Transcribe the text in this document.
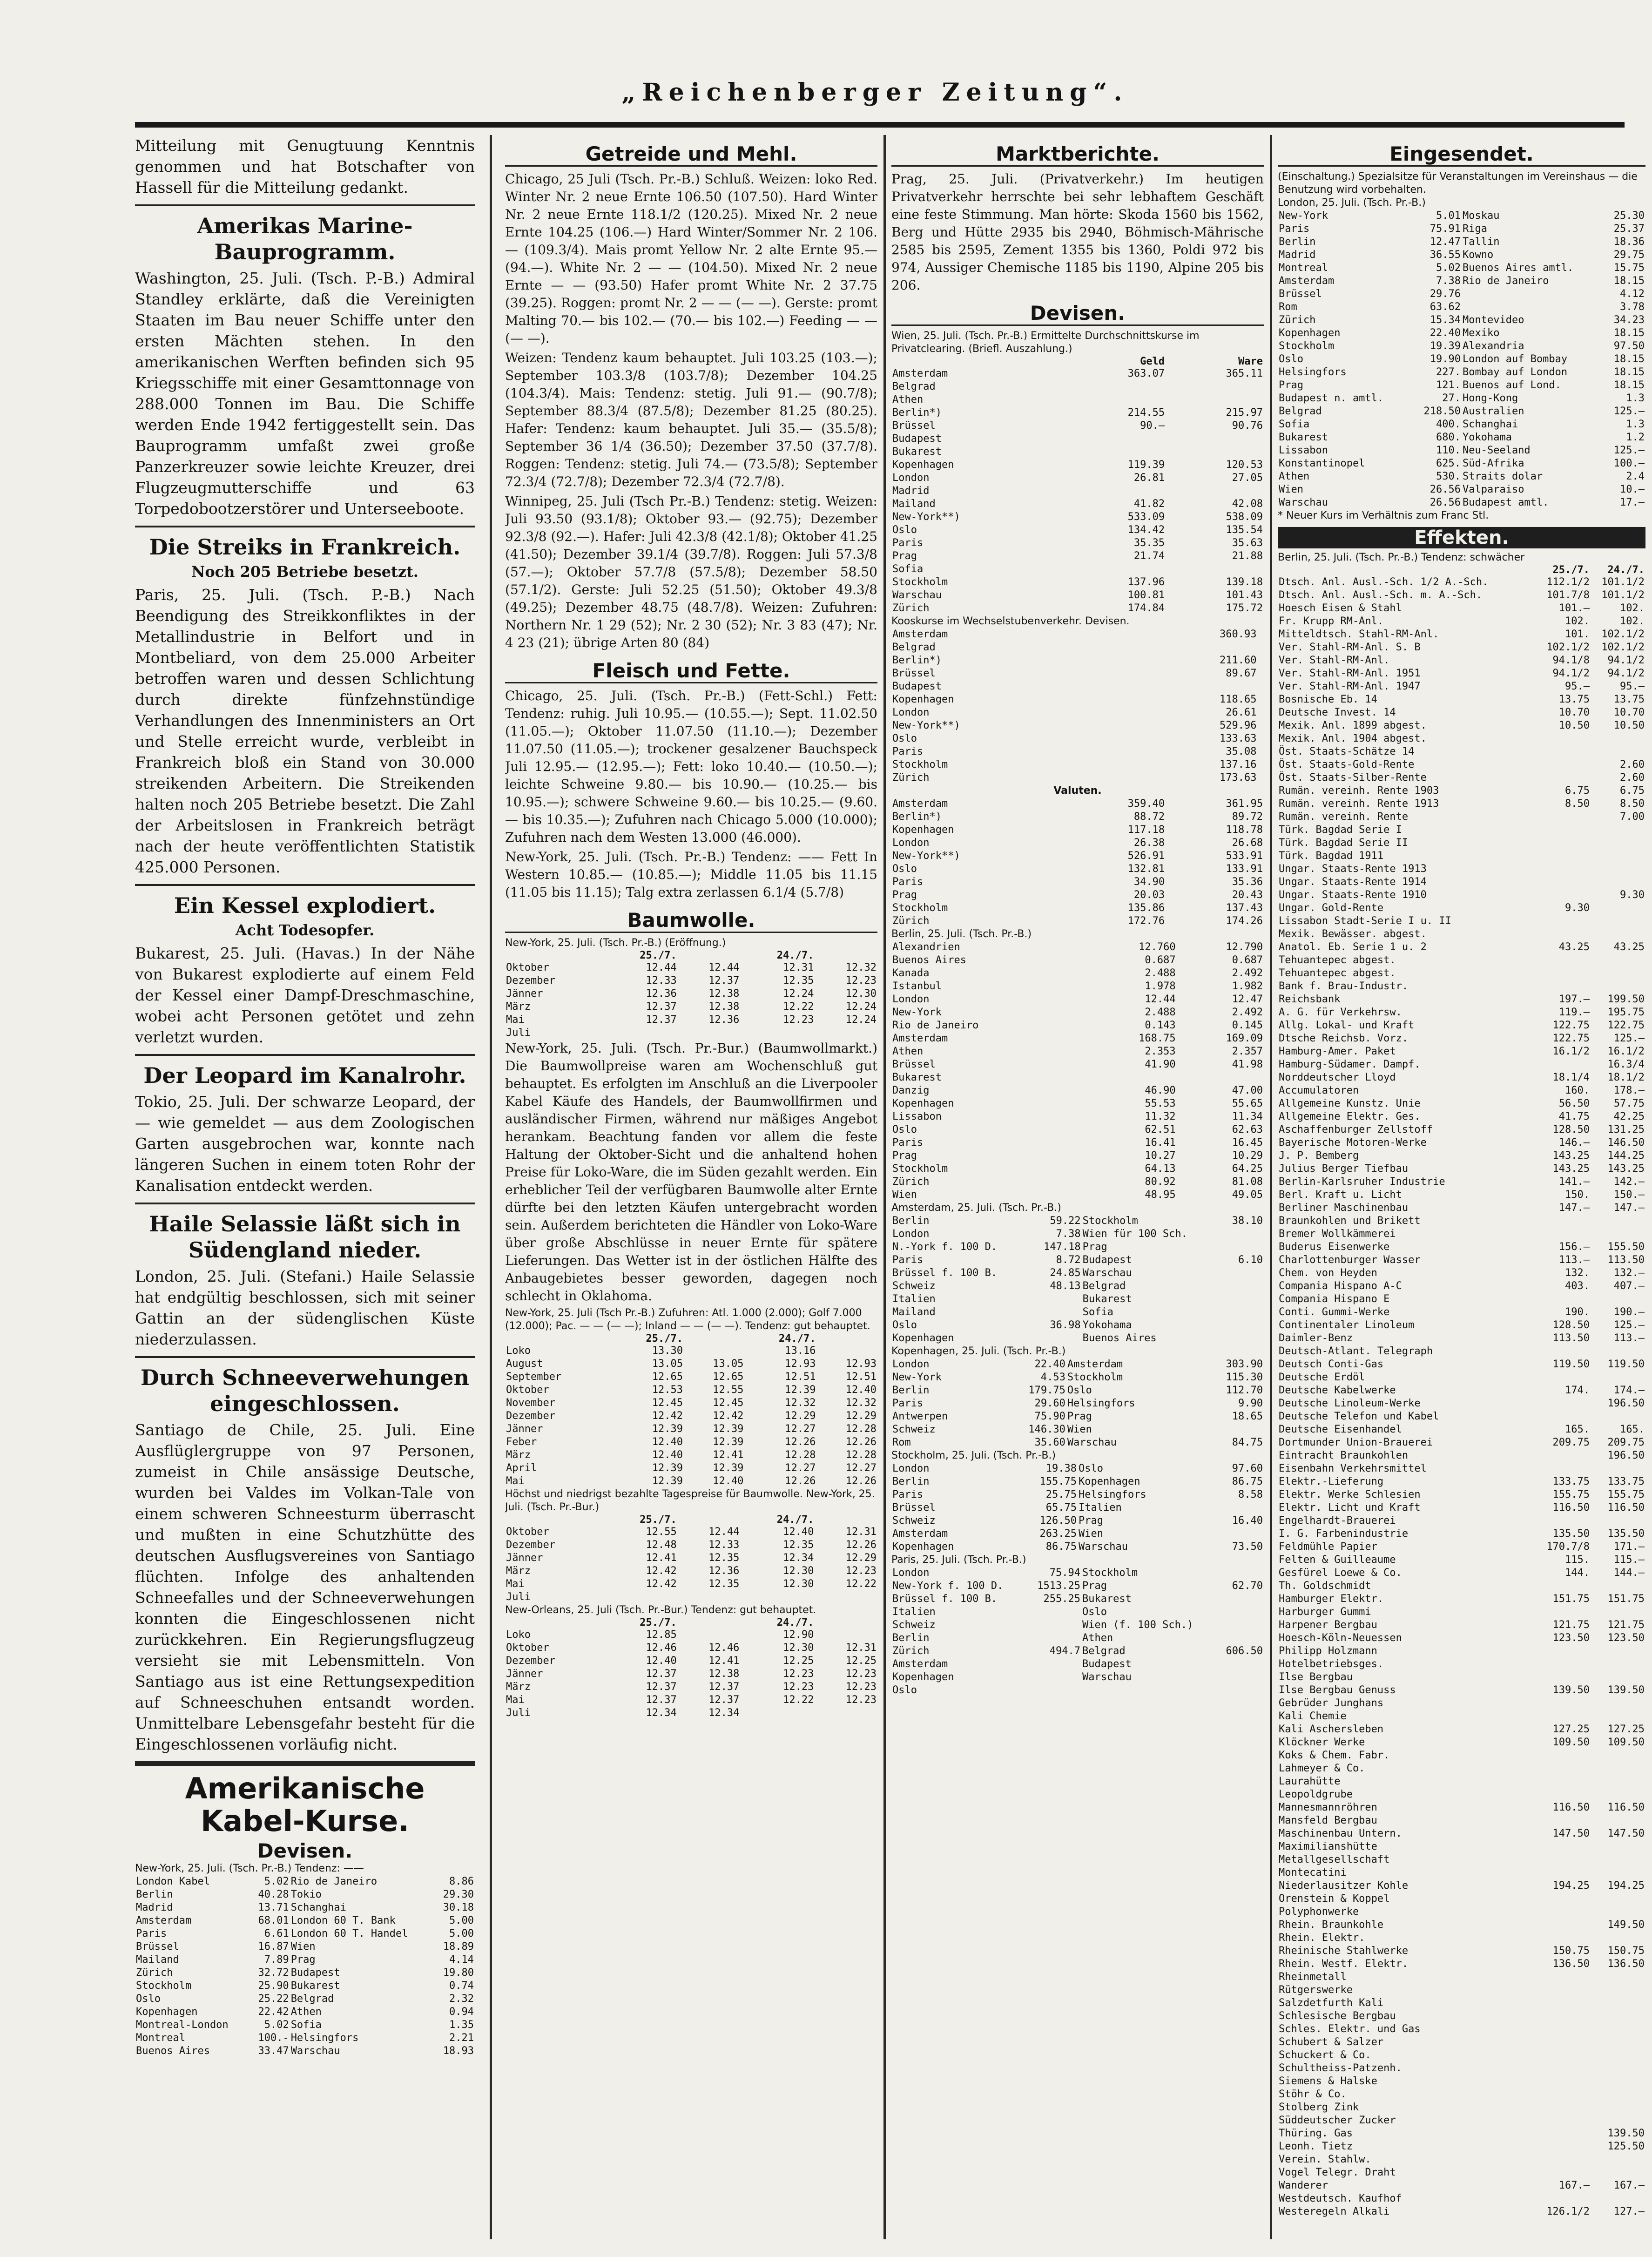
„Reichenberger Zeitung“.

Mitteilung mit Genugtuung Kenntnis genommen und hat Botschafter von Hassell für die Mitteilung gedankt.

Amerikas Marine-Bauprogramm.

Washington, 25. Juli. (Tsch. P.-B.) Admiral Standley erklärte, daß die Vereinigten Staaten im Bau neuer Schiffe unter den ersten Mächten stehen. In den amerikanischen Werften befinden sich 95 Kriegsschiffe mit einer Gesamttonnage von 288.000 Tonnen im Bau. Die Schiffe werden Ende 1942 fertiggestellt sein. Das Bauprogramm umfaßt zwei große Panzerkreuzer sowie leichte Kreuzer, drei Flugzeugmutterschiffe und 63 Torpedobootzerstörer und Unterseeboote.

Die Streiks in Frankreich.
Noch 205 Betriebe besetzt.

Paris, 25. Juli. (Tsch. P.-B.) Nach Beendigung des Streikkonfliktes in der Metallindustrie in Belfort und in Montbeliard, von dem 25.000 Arbeiter betroffen waren und dessen Schlichtung durch direkte fünfzehnstündige Verhandlungen des Innenministers an Ort und Stelle erreicht wurde, verbleibt in Frankreich bloß ein Stand von 30.000 streikenden Arbeitern. Die Streikenden halten noch 205 Betriebe besetzt. Die Zahl der Arbeitslosen in Frankreich beträgt nach der heute veröffentlichten Statistik 425.000 Personen.

Ein Kessel explodiert.
Acht Todesopfer.

Bukarest, 25. Juli. (Havas.) In der Nähe von Bukarest explodierte auf einem Feld der Kessel einer Dampf-Dreschmaschine, wobei acht Personen getötet und zehn verletzt wurden.

Der Leopard im Kanalrohr.

Tokio, 25. Juli. Der schwarze Leopard, der — wie gemeldet — aus dem Zoologischen Garten ausgebrochen war, konnte nach längeren Suchen in einem toten Rohr der Kanalisation entdeckt werden.

Haile Selassie läßt sich in Südengland nieder.

London, 25. Juli. (Stefani.) Haile Selassie hat endgültig beschlossen, sich mit seiner Gattin an der südenglischen Küste niederzulassen.

Durch Schneeverwehungen eingeschlossen.

Santiago de Chile, 25. Juli. Eine Ausflüglergruppe von 97 Personen, zumeist in Chile ansässige Deutsche, wurden bei Valdes im Volkan-Tale von einem schweren Schneesturm überrascht und mußten in eine Schutzhütte des deutschen Ausflugsvereines von Santiago flüchten. Infolge des anhaltenden Schneefalles und der Schneeverwehungen konnten die Eingeschlossenen nicht zurückkehren. Ein Regierungsflugzeug versieht sie mit Lebensmitteln. Von Santiago aus ist eine Rettungsexpedition auf Schneeschuhen entsandt worden. Unmittelbare Lebensgefahr besteht für die Eingeschlossenen vorläufig nicht.

Amerikanische Kabel-Kurse.
Devisen.
New-York, 25. Juli. (Tsch. Pr.-B.) Tendenz: ——
London Kabel	5.02	Rio de Janeiro	8.86
Berlin	40.28	Tokio	29.30
Madrid	13.71	Schanghai	30.18
Amsterdam	68.01	London 60 T. Bank	5.00
Paris	6.61	London 60 T. Handel	5.00
Brüssel	16.87	Wien	18.89
Mailand	7.89	Prag	4.14
Zürich	32.72	Budapest	19.80
Stockholm	25.90	Bukarest	0.74
Oslo	25.22	Belgrad	2.32
Kopenhagen	22.42	Athen	0.94
Montreal-London	5.02	Sofia	1.35
Montreal	100.-	Helsingfors	2.21
Buenos Aires	33.47	Warschau	18.93
Getreide und Mehl.

Chicago, 25 Juli (Tsch. Pr.-B.) Schluß. Weizen: loko Red. Winter Nr. 2 neue Ernte 106.50 (107.50). Hard Winter Nr. 2 neue Ernte 118.1/2 (120.25). Mixed Nr. 2 neue Ernte 104.25 (106.—) Hard Winter/Sommer Nr. 2 106.— (109.3/4). Mais promt Yellow Nr. 2 alte Ernte 95.— (94.—). White Nr. 2 — — (104.50). Mixed Nr. 2 neue Ernte — — (93.50) Hafer promt White Nr. 2 37.75 (39.25). Roggen: promt Nr. 2 — — (— —). Gerste: promt Malting 70.— bis 102.— (70.— bis 102.—) Feeding — — (— —).

Weizen: Tendenz kaum behauptet. Juli 103.25 (103.—); September 103.3/8 (103.7/8); Dezember 104.25 (104.3/4). Mais: Tendenz: stetig. Juli 91.— (90.7/8); September 88.3/4 (87.5/8); Dezember 81.25 (80.25). Hafer: Tendenz: kaum behauptet. Juli 35.— (35.5/8); September 36 1/4 (36.50); Dezember 37.50 (37.7/8). Roggen: Tendenz: stetig. Juli 74.— (73.5/8); September 72.3/4 (72.7/8); Dezember 72.3/4 (72.7/8).

Winnipeg, 25. Juli (Tsch Pr.-B.) Tendenz: stetig. Weizen: Juli 93.50 (93.1/8); Oktober 93.— (92.75); Dezember 92.3/8 (92.—). Hafer: Juli 42.3/8 (42.1/8); Oktober 41.25 (41.50); Dezember 39.1/4 (39.7/8). Roggen: Juli 57.3/8 (57.—); Oktober 57.7/8 (57.5/8); Dezember 58.50 (57.1/2). Gerste: Juli 52.25 (51.50); Oktober 49.3/8 (49.25); Dezember 48.75 (48.7/8). Weizen: Zufuhren: Northern Nr. 1 29 (52); Nr. 2 30 (52); Nr. 3 83 (47); Nr. 4 23 (21); übrige Arten 80 (84)

Fleisch und Fette.

Chicago, 25. Juli. (Tsch. Pr.-B.) (Fett-Schl.) Fett: Tendenz: ruhig. Juli 10.95.— (10.55.—); Sept. 11.02.50 (11.05.—); Oktober 11.07.50 (11.10.—); Dezember 11.07.50 (11.05.—); trockener gesalzener Bauchspeck Juli 12.95.— (12.95.—); Fett: loko 10.40.— (10.50.—); leichte Schweine 9.80.— bis 10.90.— (10.25.— bis 10.95.—); schwere Schweine 9.60.— bis 10.25.— (9.60.— bis 10.35.—); Zufuhren nach Chicago 5.000 (10.000); Zufuhren nach dem Westen 13.000 (46.000).

New-York, 25. Juli. (Tsch. Pr.-B.) Tendenz: —— Fett In Western 10.85.— (10.85.—); Middle 11.05 bis 11.15 (11.05 bis 11.15); Talg extra zerlassen 6.1/4 (5.7/8)

Baumwolle.
New-York, 25. Juli. (Tsch. Pr.-B.) (Eröffnung.)
	25./7.		24./7.	
Oktober	12.44	12.44	12.31	12.32
Dezember	12.33	12.37	12.35	12.23
Jänner	12.36	12.38	12.24	12.30
März	12.37	12.38	12.22	12.24
Mai	12.37	12.36	12.23	12.24
Juli				

New-York, 25. Juli. (Tsch. Pr.-Bur.) (Baumwollmarkt.) Die Baumwollpreise waren am Wochenschluß gut behauptet. Es erfolgten im Anschluß an die Liverpooler Kabel Käufe des Handels, der Baumwollfirmen und ausländischer Firmen, während nur mäßiges Angebot herankam. Beachtung fanden vor allem die feste Haltung der Oktober-Sicht und die anhaltend hohen Preise für Loko-Ware, die im Süden gezahlt werden. Ein erheblicher Teil der verfügbaren Baumwolle alter Ernte dürfte bei den letzten Käufen untergebracht worden sein. Außerdem berichteten die Händler von Loko-Ware über große Abschlüsse in neuer Ernte für spätere Lieferungen. Das Wetter ist in der östlichen Hälfte des Anbaugebietes besser geworden, dagegen noch schlecht in Oklahoma.

New-York, 25. Juli (Tsch Pr.-B.) Zufuhren: Atl. 1.000 (2.000); Golf 7.000 (12.000); Pac. — — (— —); Inland — — (— —). Tendenz: gut behauptet.
	25./7.		24./7.	
Loko	13.30		13.16	
August	13.05	13.05	12.93	12.93
September	12.65	12.65	12.51	12.51
Oktober	12.53	12.55	12.39	12.40
November	12.45	12.45	12.32	12.32
Dezember	12.42	12.42	12.29	12.29
Jänner	12.39	12.39	12.27	12.28
Feber	12.40	12.39	12.26	12.26
März	12.40	12.41	12.28	12.28
April	12.39	12.39	12.27	12.27
Mai	12.39	12.40	12.26	12.26
Höchst und niedrigst bezahlte Tagespreise für Baumwolle. New-York, 25. Juli. (Tsch. Pr.-Bur.)
	25./7.		24./7.	
Oktober	12.55	12.44	12.40	12.31
Dezember	12.48	12.33	12.35	12.26
Jänner	12.41	12.35	12.34	12.29
März	12.42	12.36	12.30	12.23
Mai	12.42	12.35	12.30	12.22
Juli				
New-Orleans, 25. Juli (Tsch. Pr.-Bur.) Tendenz: gut behauptet.
	25./7.		24./7.	
Loko	12.85		12.90	
Oktober	12.46	12.46	12.30	12.31
Dezember	12.40	12.41	12.25	12.25
Jänner	12.37	12.38	12.23	12.23
März	12.37	12.37	12.23	12.23
Mai	12.37	12.37	12.22	12.23
Juli	12.34	12.34		
Marktberichte.

Prag, 25. Juli. (Privatverkehr.) Im heutigen Privatverkehr herrschte bei sehr lebhaftem Geschäft eine feste Stimmung. Man hörte: Skoda 1560 bis 1562, Berg und Hütte 2935 bis 2940, Böhmisch-Mährische 2585 bis 2595, Zement 1355 bis 1360, Poldi 972 bis 974, Aussiger Chemische 1185 bis 1190, Alpine 205 bis 206.

Devisen.
Wien, 25. Juli. (Tsch. Pr.-B.) Ermittelte Durchschnittskurse im Privatclearing. (Briefl. Auszahlung.)
	Geld	Ware
Amsterdam	363.07	365.11
Belgrad		
Athen		
Berlin*)	214.55	215.97
Brüssel	90.—	90.76
Budapest		
Bukarest		
Kopenhagen	119.39	120.53
London	26.81	27.05
Madrid		
Mailand	41.82	42.08
New-York**)	533.09	538.09
Oslo	134.42	135.54
Paris	35.35	35.63
Prag	21.74	21.88
Sofia		
Stockholm	137.96	139.18
Warschau	100.81	101.43
Zürich	174.84	175.72
Kooskurse im Wechselstubenverkehr. Devisen.
Amsterdam	360.93	
Belgrad		
Berlin*)	211.60	
Brüssel	89.67	
Budapest		
Kopenhagen	118.65	
London	26.61	
New-York**)	529.96	
Oslo	133.63	
Paris	35.08	
Stockholm	137.16	
Zürich	173.63	
Valuten.
Amsterdam	359.40	361.95
Berlin*)	88.72	89.72
Kopenhagen	117.18	118.78
London	26.38	26.68
New-York**)	526.91	533.91
Oslo	132.81	133.91
Paris	34.90	35.36
Prag	20.03	20.43
Stockholm	135.86	137.43
Zürich	172.76	174.26
Berlin, 25. Juli. (Tsch. Pr.-B.)
Alexandrien	12.760	12.790
Buenos Aires	0.687	0.687
Kanada	2.488	2.492
Istanbul	1.978	1.982
London	12.44	12.47
New-York	2.488	2.492
Rio de Janeiro	0.143	0.145
Amsterdam	168.75	169.09
Athen	2.353	2.357
Brüssel	41.90	41.98
Bukarest		
Danzig	46.90	47.00
Kopenhagen	55.53	55.65
Lissabon	11.32	11.34
Oslo	62.51	62.63
Paris	16.41	16.45
Prag	10.27	10.29
Stockholm	64.13	64.25
Zürich	80.92	81.08
Wien	48.95	49.05
Amsterdam, 25. Juli. (Tsch. Pr.-B.)
Berlin	59.22	Stockholm	38.10
London	7.38	Wien für 100 Sch.	
N.-York f. 100 D.	147.18	Prag	
Paris	8.72	Budapest	6.10
Brüssel f. 100 B.	24.85	Warschau	
Schweiz	48.13	Belgrad	
Italien		Bukarest	
Mailand		Sofia	
Oslo	36.98	Yokohama	
Kopenhagen		Buenos Aires	
Kopenhagen, 25. Juli. (Tsch. Pr.-B.)
London	22.40	Amsterdam	303.90
New-York	4.53	Stockholm	115.30
Berlin	179.75	Oslo	112.70
Paris	29.60	Helsingfors	9.90
Antwerpen	75.90	Prag	18.65
Schweiz	146.30	Wien	
Rom	35.60	Warschau	84.75
Stockholm, 25. Juli. (Tsch. Pr.-B.)
London	19.38	Oslo	97.60
Berlin	155.75	Kopenhagen	86.75
Paris	25.75	Helsingfors	8.58
Brüssel	65.75	Italien	
Schweiz	126.50	Prag	16.40
Amsterdam	263.25	Wien	
Kopenhagen	86.75	Warschau	73.50
Paris, 25. Juli. (Tsch. Pr.-B.)
London	75.94	Stockholm	
New-York f. 100 D.	1513.25	Prag	62.70
Brüssel f. 100 B.	255.25	Bukarest	
Italien		Oslo	
Schweiz		Wien (f. 100 Sch.)	
Berlin		Athen	
Zürich	494.7	Belgrad	606.50
Amsterdam		Budapest	
Kopenhagen		Warschau	
Oslo			
Eingesendet.
(Einschaltung.) Spezialsitze für Veranstaltungen im Vereinshaus — die Benutzung wird vorbehalten.
London, 25. Juli. (Tsch. Pr.-B.)
New-York	5.01	Moskau	25.30
Paris	75.91	Riga	25.37
Berlin	12.47	Tallin	18.36
Madrid	36.55	Kowno	29.75
Montreal	5.02	Buenos Aires amtl.	15.75
Amsterdam	7.38	Rio de Janeiro	18.15
Brüssel	29.76		4.12
Rom	63.62		3.78
Zürich	15.34	Montevideo	34.23
Kopenhagen	22.40	Mexiko	18.15
Stockholm	19.39	Alexandria	97.50
Oslo	19.90	London auf Bombay	18.15
Helsingfors	227.	Bombay auf London	18.15
Prag	121.	Buenos auf Lond.	18.15
Budapest n. amtl.	27.	Hong-Kong	1.3
Belgrad	218.50	Australien	125.—
Sofia	400.	Schanghai	1.3
Bukarest	680.	Yokohama	1.2
Lissabon	110.	Neu-Seeland	125.—
Konstantinopel	625.	Süd-Afrika	100.—
Athen	530.	Straits dolar	2.4
Wien	26.56	Valparaiso	10.—
Warschau	26.56	Budapest amtl.	17.—
* Neuer Kurs im Verhältnis zum Franc Stl.
Effekten.
Berlin, 25. Juli. (Tsch. Pr.-B.) Tendenz: schwächer
	25./7.	24./7.
Dtsch. Anl. Ausl.-Sch. 1/2 A.-Sch.	112.1/2	101.1/2
Dtsch. Anl. Ausl.-Sch. m. A.-Sch.	101.7/8	101.1/2
Hoesch Eisen & Stahl	101.—	102.
Fr. Krupp RM-Anl.	102.	102.
Mitteldtsch. Stahl-RM-Anl.	101.	102.1/2
Ver. Stahl-RM-Anl. S. B	102.1/2	102.1/2
Ver. Stahl-RM-Anl.	94.1/8	94.1/2
Ver. Stahl-RM-Anl. 1951	94.1/2	94.1/2
Ver. Stahl-RM-Anl. 1947	95.—	95.—
Bosnische Eb. 14	13.75	13.75
Deutsche Invest. 14	10.70	10.70
Mexik. Anl. 1899 abgest.	10.50	10.50
Mexik. Anl. 1904 abgest.		
Öst. Staats-Schätze 14		
Öst. Staats-Gold-Rente		2.60
Öst. Staats-Silber-Rente		2.60
Rumän. vereinh. Rente 1903	6.75	6.75
Rumän. vereinh. Rente 1913	8.50	8.50
Rumän. vereinh. Rente		7.00
Türk. Bagdad Serie I		
Türk. Bagdad Serie II		
Türk. Bagdad 1911		
Ungar. Staats-Rente 1913		
Ungar. Staats-Rente 1914		
Ungar. Staats-Rente 1910		9.30
Ungar. Gold-Rente	9.30	
Lissabon Stadt-Serie I u. II		
Mexik. Bewässer. abgest.		
Anatol. Eb. Serie 1 u. 2	43.25	43.25
Tehuantepec abgest.		
Tehuantepec abgest.		
Bank f. Brau-Industr.		
Reichsbank	197.—	199.50
A. G. für Verkehrsw.	119.—	195.75
Allg. Lokal- und Kraft	122.75	122.75
Dtsche Reichsb. Vorz.	122.75	125.—
Hamburg-Amer. Paket	16.1/2	16.1/2
Hamburg-Südamer. Dampf.		16.3/4
Norddeutscher Lloyd	18.1/4	18.1/2
Accumulatoren	160.	178.—
Allgemeine Kunstz. Unie	56.50	57.75
Allgemeine Elektr. Ges.	41.75	42.25
Aschaffenburger Zellstoff	128.50	131.25
Bayerische Motoren-Werke	146.—	146.50
J. P. Bemberg	143.25	144.25
Julius Berger Tiefbau	143.25	143.25
Berlin-Karlsruher Industrie	141.—	142.—
Berl. Kraft u. Licht	150.	150.—
Berliner Maschinenbau	147.—	147.—
Braunkohlen und Brikett		
Bremer Wollkämmerei		
Buderus Eisenwerke	156.—	155.50
Charlottenburger Wasser	113.—	113.50
Chem. von Heyden	132.	132.—
Compania Hispano A-C	403.	407.—
Compania Hispano E		
Conti. Gummi-Werke	190.	190.—
Continentaler Linoleum	128.50	125.—
Daimler-Benz	113.50	113.—
Deutsch-Atlant. Telegraph		
Deutsch Conti-Gas	119.50	119.50
Deutsche Erdöl		
Deutsche Kabelwerke	174.	174.—
Deutsche Linoleum-Werke		196.50
Deutsche Telefon und Kabel		
Deutsche Eisenhandel	165.	165.
Dortmunder Union-Brauerei	209.75	209.75
Eintracht Braunkohlen		196.50
Eisenbahn Verkehrsmittel		
Elektr.-Lieferung	133.75	133.75
Elektr. Werke Schlesien	155.75	155.75
Elektr. Licht und Kraft	116.50	116.50
Engelhardt-Brauerei		
I. G. Farbenindustrie	135.50	135.50
Feldmühle Papier	170.7/8	171.—
Felten & Guilleaume	115.	115.—
Gesfürel Loewe & Co.	144.	144.—
Th. Goldschmidt		
Hamburger Elektr.	151.75	151.75
Harburger Gummi		
Harpener Bergbau	121.75	121.75
Hoesch-Köln-Neuessen	123.50	123.50
Philipp Holzmann		
Hotelbetriebsges.		
Ilse Bergbau		
Ilse Bergbau Genuss	139.50	139.50
Gebrüder Junghans		
Kali Chemie		
Kali Aschersleben	127.25	127.25
Klöckner Werke	109.50	109.50
Koks & Chem. Fabr.		
Lahmeyer & Co.		
Laurahütte		
Leopoldgrube		
Mannesmannröhren	116.50	116.50
Mansfeld Bergbau		
Maschinenbau Untern.	147.50	147.50
Maximilianshütte		
Metallgesellschaft		
Montecatini		
Niederlausitzer Kohle	194.25	194.25
Orenstein & Koppel		
Polyphonwerke		
Rhein. Braunkohle		149.50
Rhein. Elektr.		
Rheinische Stahlwerke	150.75	150.75
Rhein. Westf. Elektr.	136.50	136.50
Rheinmetall		
Rütgerswerke		
Salzdetfurth Kali		
Schlesische Bergbau		
Schles. Elektr. und Gas		
Schubert & Salzer		
Schuckert & Co.		
Schultheiss-Patzenh.		
Siemens & Halske		
Stöhr & Co.		
Stolberg Zink		
Süddeutscher Zucker		
Thüring. Gas		139.50
Leonh. Tietz		125.50
Verein. Stahlw.		
Vogel Telegr. Draht		
Wanderer	167.—	167.—
Westdeutsch. Kaufhof		
Westeregeln Alkali	126.1/2	127.—
